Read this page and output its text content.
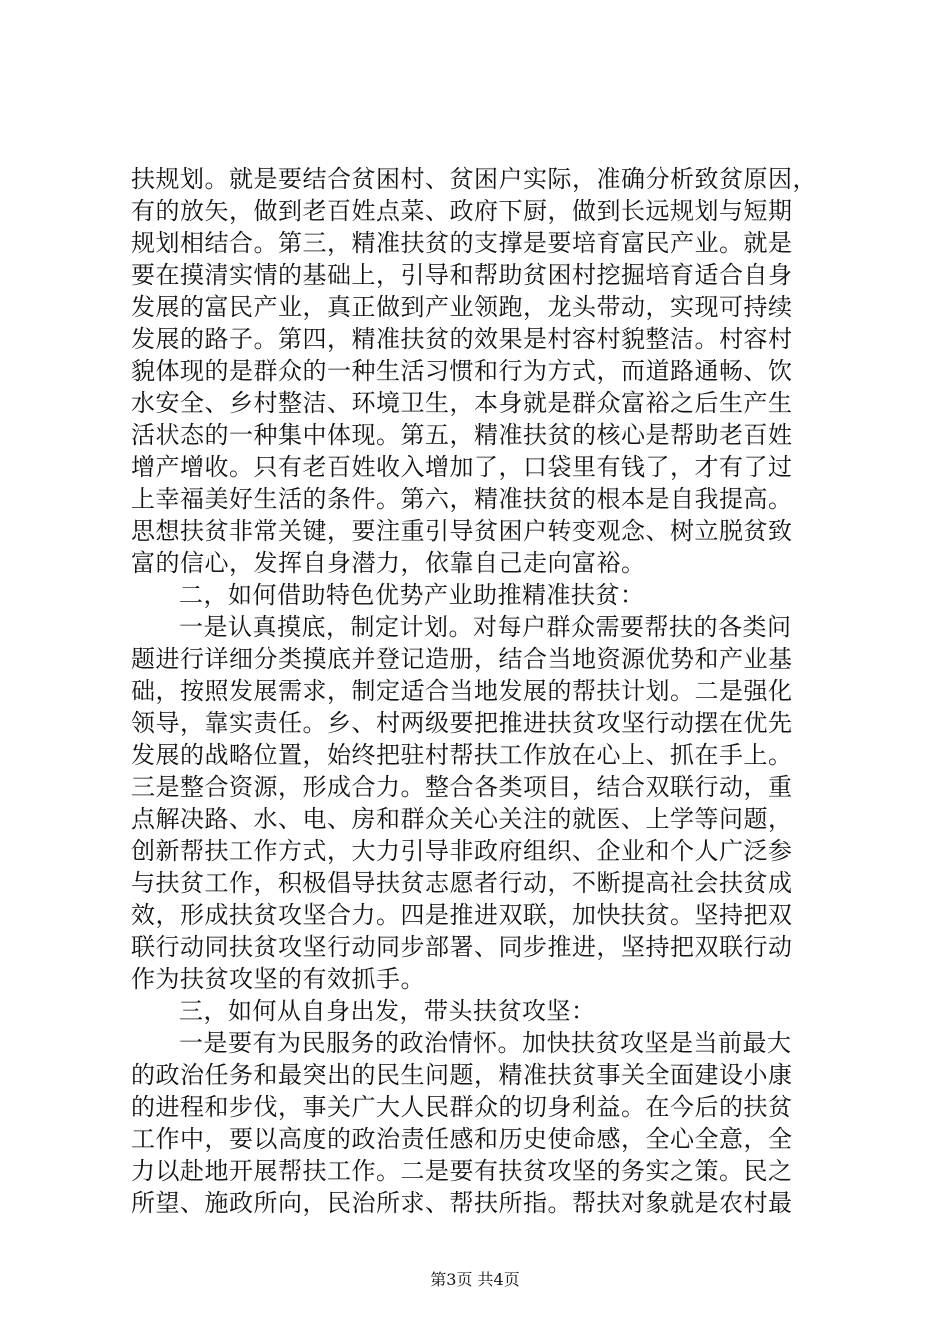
扶规划。就是要结合贫困村、贫困户实际，准确分析致贫原因，
有的放矢，做到老百姓点菜、政府下厨，做到长远规划与短期
规划相结合。第三，精准扶贫的支撑是要培育富民产业。就是
要在摸清实情的基础上，引导和帮助贫困村挖掘培育适合自身
发展的富民产业，真正做到产业领跑，龙头带动，实现可持续
发展的路子。第四，精准扶贫的效果是村容村貌整洁。村容村
貌体现的是群众的一种生活习惯和行为方式，而道路通畅、饮
水安全、乡村整洁、环境卫生，本身就是群众富裕之后生产生
活状态的一种集中体现。第五，精准扶贫的核心是帮助老百姓
增产增收。只有老百姓收入增加了，口袋里有钱了，才有了过
上幸福美好生活的条件。第六，精准扶贫的根本是自我提高。
思想扶贫非常关键，要注重引导贫困户转变观念、树立脱贫致
富的信心，发挥自身潜力，依靠自己走向富裕。
二，如何借助特色优势产业助推精准扶贫：
一是认真摸底，制定计划。对每户群众需要帮扶的各类问
题进行详细分类摸底并登记造册，结合当地资源优势和产业基
础，按照发展需求，制定适合当地发展的帮扶计划。二是强化
领导，靠实责任。乡、村两级要把推进扶贫攻坚行动摆在优先
发展的战略位置，始终把驻村帮扶工作放在心上、抓在手上。
三是整合资源，形成合力。整合各类项目，结合双联行动，重
点解决路、水、电、房和群众关心关注的就医、上学等问题，
创新帮扶工作方式，大力引导非政府组织、企业和个人广泛参
与扶贫工作，积极倡导扶贫志愿者行动，不断提高社会扶贫成
效，形成扶贫攻坚合力。四是推进双联，加快扶贫。坚持把双
联行动同扶贫攻坚行动同步部署、同步推进，坚持把双联行动
作为扶贫攻坚的有效抓手。
三，如何从自身出发，带头扶贫攻坚：
一是要有为民服务的政治情怀。加快扶贫攻坚是当前最大
的政治任务和最突出的民生问题，精准扶贫事关全面建设小康
的进程和步伐，事关广大人民群众的切身利益。在今后的扶贫
工作中，要以高度的政治责任感和历史使命感，全心全意，全
力以赴地开展帮扶工作。二是要有扶贫攻坚的务实之策。民之
所望、施政所向，民治所求、帮扶所指。帮扶对象就是农村最
第3页 共4页
